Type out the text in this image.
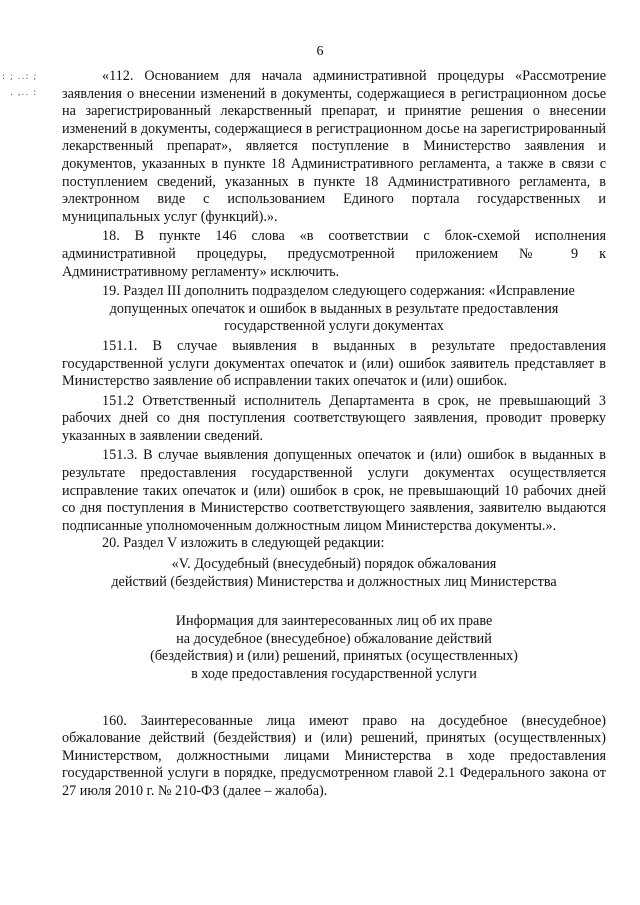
: ; ..: ;
. ,.. :
6

«112. Основанием для начала административной процедуры «Рассмотрение заявления о внесении изменений в документы, содержащиеся в регистрационном досье на зарегистрированный лекарственный препарат, и принятие решения о внесении изменений в документы, содержащиеся в регистрационном досье на зарегистрированный лекарственный препарат», является поступление в Министерство заявления и документов, указанных в пункте 18 Административного регламента, а также в связи с поступлением сведений, указанных в пункте 18 Административного регламента, в электронном виде с использованием Единого портала государственных и муниципальных услуг (функций).».

18. В пункте 146 слова «в соответствии с блок-схемой исполнения административной процедуры, предусмотренной приложением № 9 к Административному регламенту» исключить.

19. Раздел III дополнить подразделом следующего содержания: «Исправление

допущенных опечаток и ошибок в выданных в результате предоставления

государственной услуги документах

151.1. В случае выявления в выданных в результате предоставления государственной услуги документах опечаток и (или) ошибок заявитель представляет в Министерство заявление об исправлении таких опечаток и (или) ошибок.

151.2 Ответственный исполнитель Департамента в срок, не превышающий 3 рабочих дней со дня поступления соответствующего заявления, проводит проверку указанных в заявлении сведений.

151.3. В случае выявления допущенных опечаток и (или) ошибок в выданных в результате предоставления государственной услуги документах осуществляется исправление таких опечаток и (или) ошибок в срок, не превышающий 10 рабочих дней со дня поступления в Министерство соответствующего заявления, заявителю выдаются подписанные уполномоченным должностным лицом Министерства документы.».

20. Раздел V изложить в следующей редакции:

«V. Досудебный (внесудебный) порядок обжалования

действий (бездействия) Министерства и должностных лиц Министерства

Информация для заинтересованных лиц об их праве

на досудебное (внесудебное) обжалование действий

(бездействия) и (или) решений, принятых (осуществленных)

в ходе предоставления государственной услуги

160. Заинтересованные лица имеют право на досудебное (внесудебное) обжалование действий (бездействия) и (или) решений, принятых (осуществленных) Министерством, должностными лицами Министерства в ходе предоставления государственной услуги в порядке, предусмотренном главой 2.1 Федерального закона от 27 июля 2010 г. № 210-ФЗ (далее – жалоба).
